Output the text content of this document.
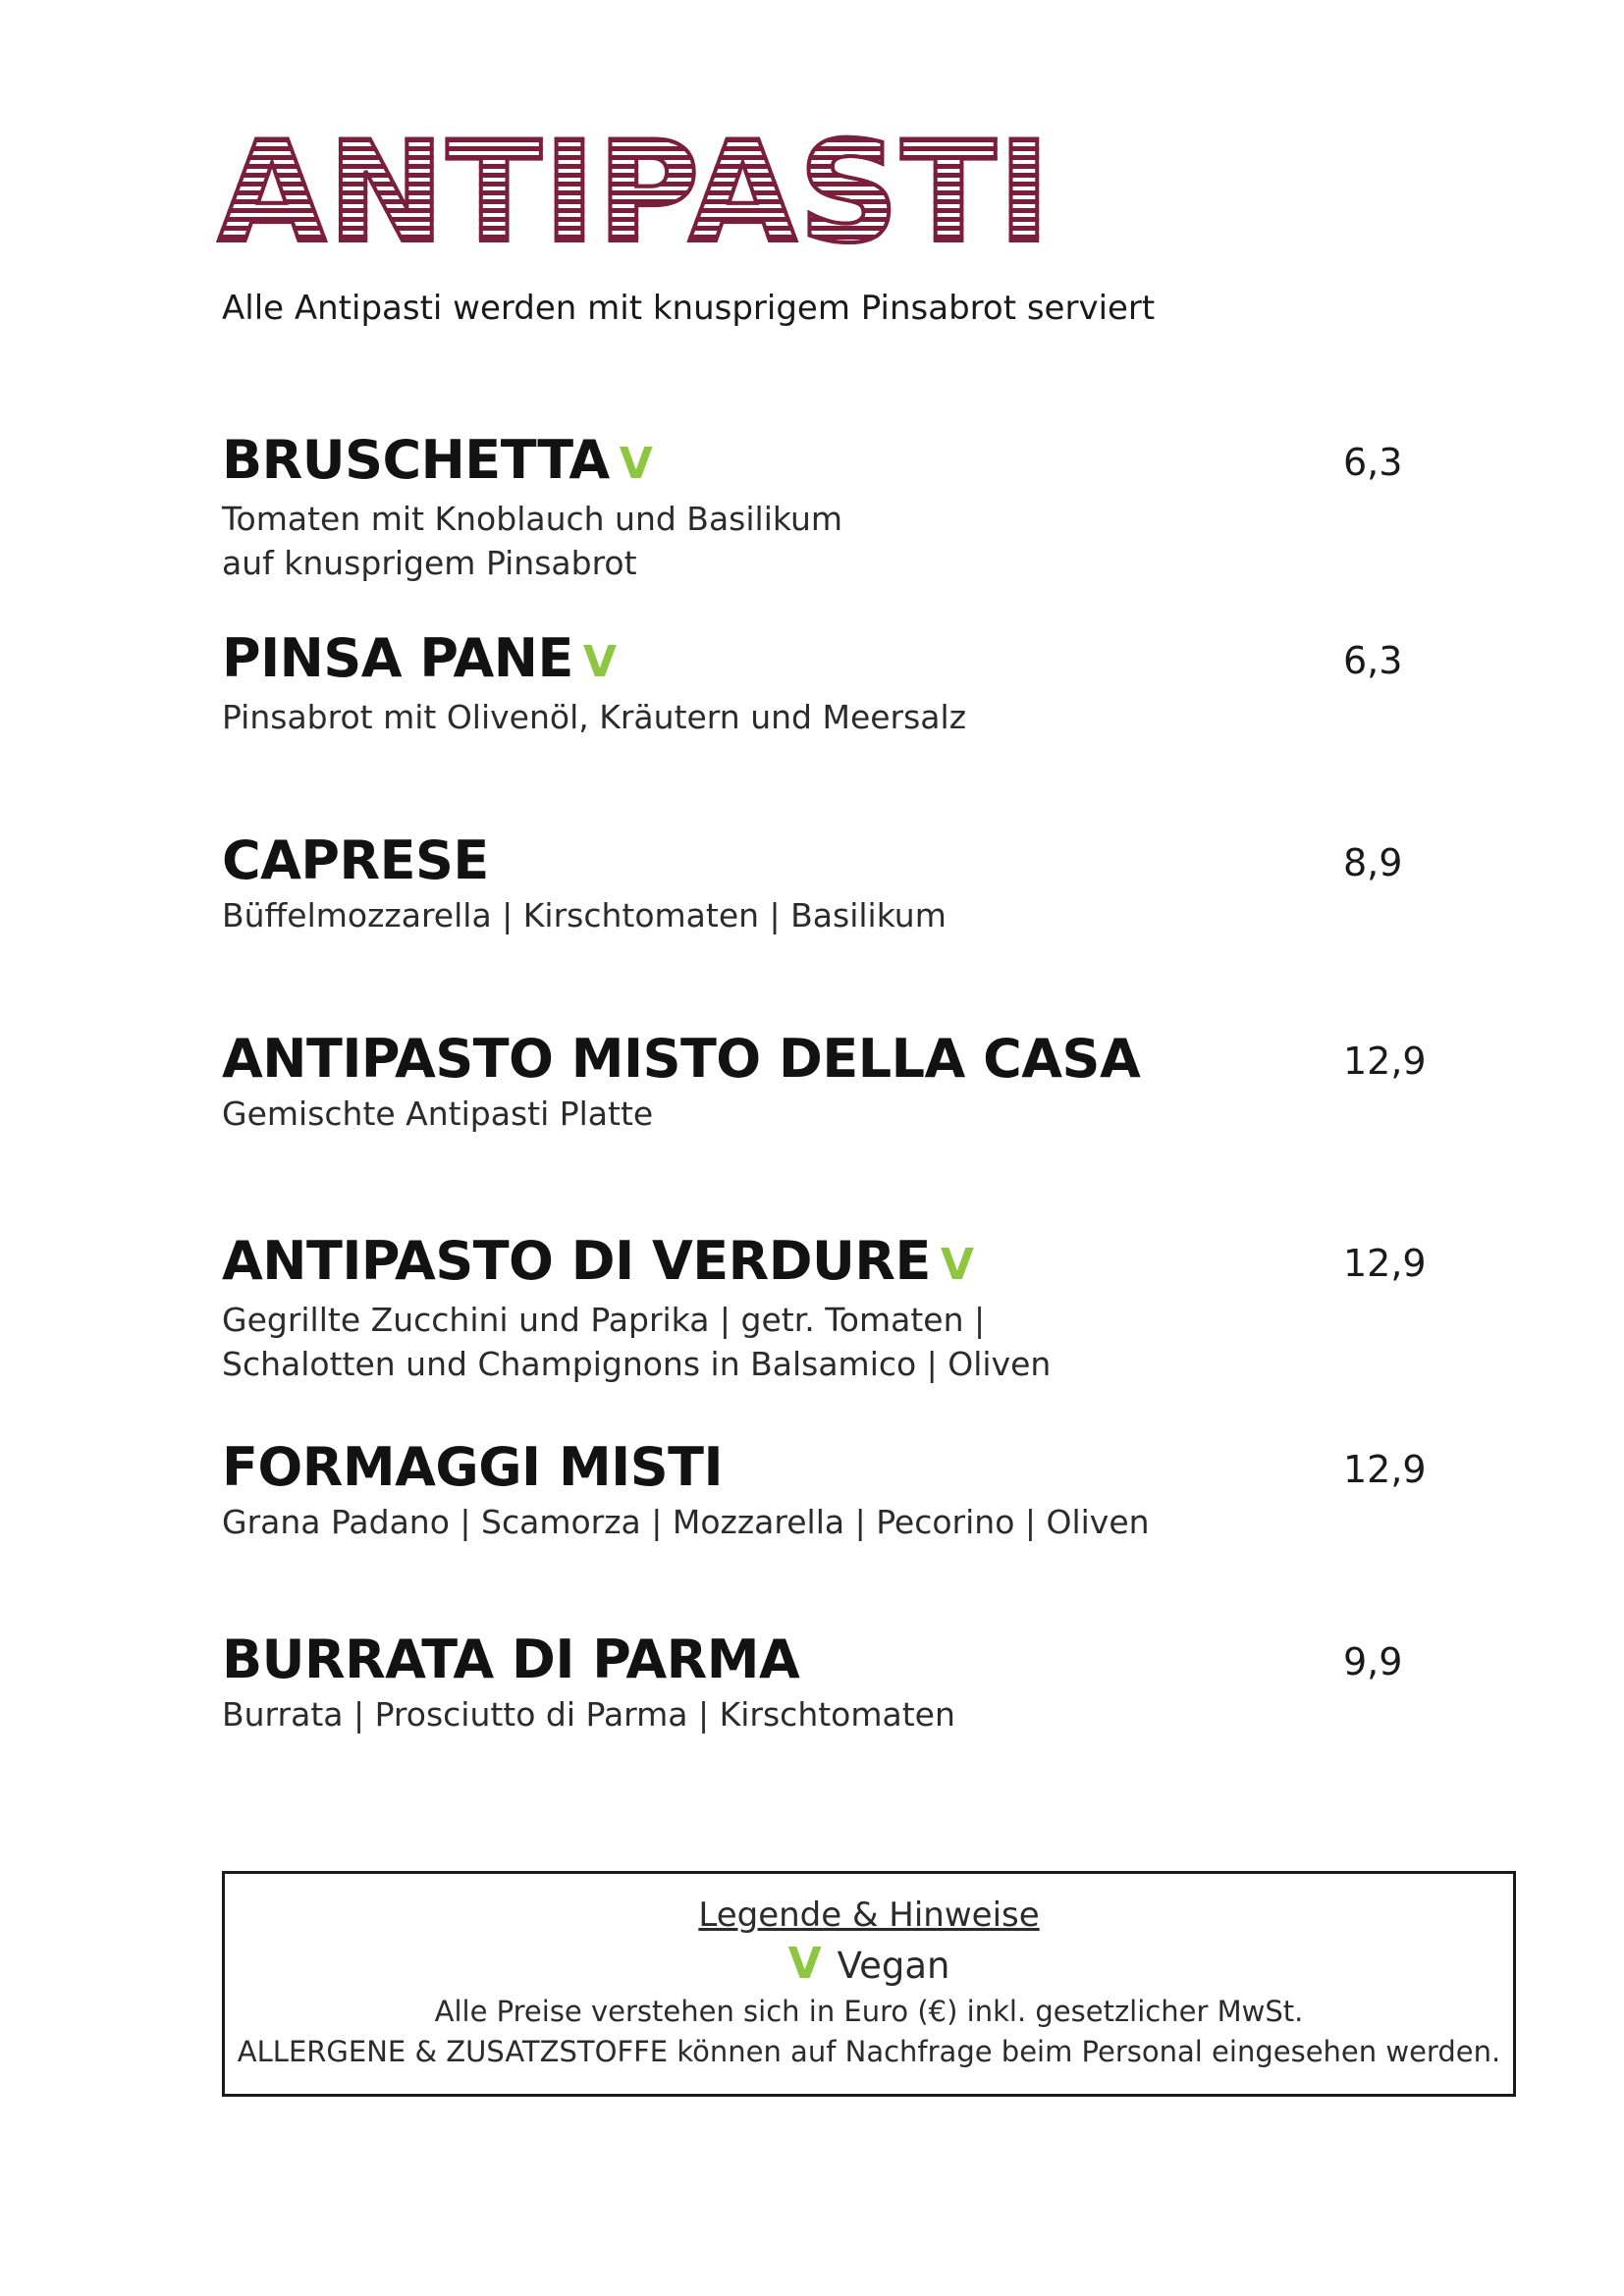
ANTIPASTI

Alle Antipasti werden mit knusprigem Pinsabrot serviert

BRUSCHETTA V
Tomaten mit Knoblauch und Basilikum
auf knusprigem Pinsabrot
6,3
PINSA PANE V
Pinsabrot mit Olivenöl, Kräutern und Meersalz
6,3
CAPRESE
Büffelmozzarella | Kirschtomaten | Basilikum
8,9
ANTIPASTO MISTO DELLA CASA
Gemischte Antipasti Platte
12,9
ANTIPASTO DI VERDURE V
Gegrillte Zucchini und Paprika | getr. Tomaten |
Schalotten und Champignons in Balsamico | Oliven
12,9
FORMAGGI MISTI
Grana Padano | Scamorza | Mozzarella | Pecorino | Oliven
12,9
BURRATA DI PARMA
Burrata | Prosciutto di Parma | Kirschtomaten
9,9
Legende & Hinweise
V Vegan
Alle Preise verstehen sich in Euro (€) inkl. gesetzlicher MwSt.
ALLERGENE & ZUSATZSTOFFE können auf Nachfrage beim Personal eingesehen werden.
